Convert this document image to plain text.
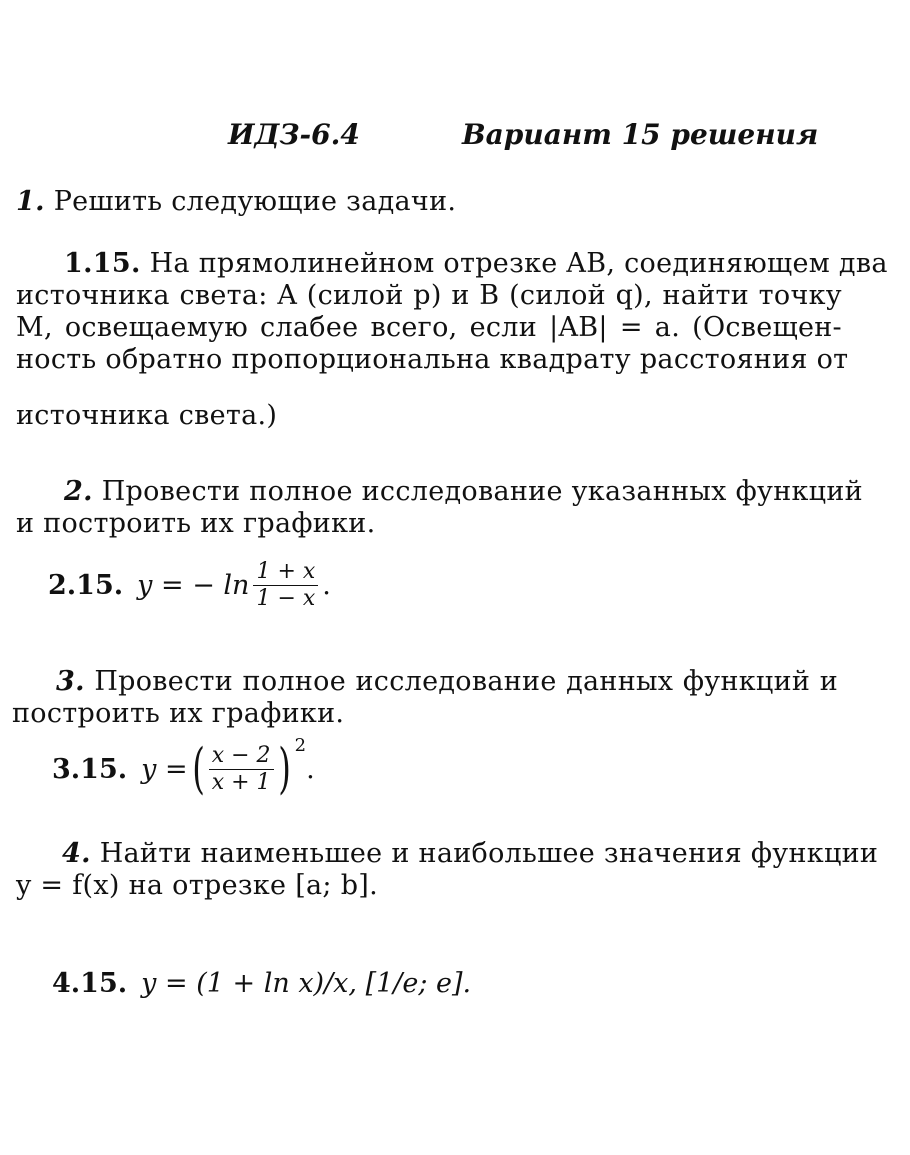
ИДЗ-6.4	Вариант 15 решения
1. Решить следующие задачи.
1.15. На прямолинейном отрезке AB, соединяющем два
источника света: A (силой p) и B (силой q), найти точку
M, освещаемую слабее всего, если |AB| = a. (Освещен-
ность обратно пропорциональна квадрату расстояния от
источника света.)
2. Провести полное исследование указанных функций
и построить их графики.
2.15. y = − $\ln \frac{1 + x}{1 - x}$ .
3. Провести полное исследование данных функций и
построить их графики.
3.15. y = ( $\frac{x - 2}{x + 1}$ ) 2
.
4. Найти наименьшее и наибольшее значения функции
y = f(x) на отрезке [a; b].
4.15. y = (1 + ln x)/x, [1/e; e].
